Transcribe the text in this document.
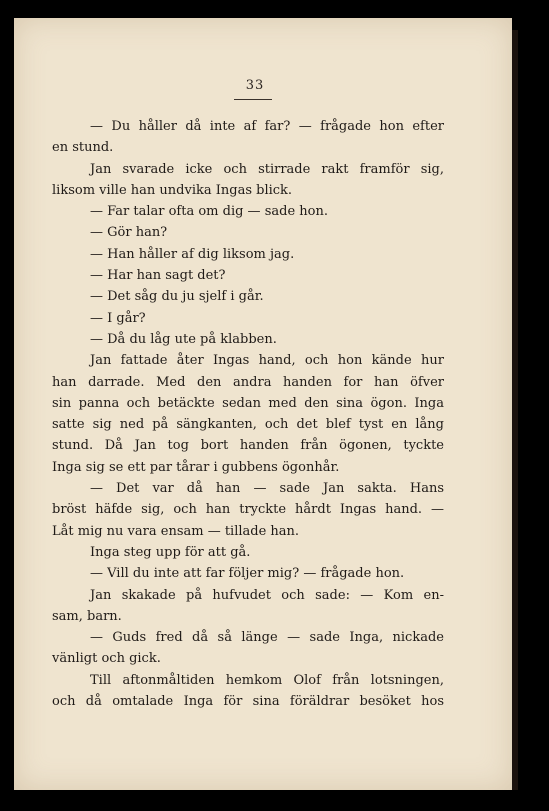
33
— Du håller då inte af far? — frågade hon efter
en stund.
Jan svarade icke och stirrade rakt framför sig,
liksom ville han undvika Ingas blick.
— Far talar ofta om dig — sade hon.
— Gör han?
— Han håller af dig liksom jag.
— Har han sagt det?
— Det såg du ju sjelf i går.
— I går?
— Då du låg ute på klabben.
Jan fattade åter Ingas hand, och hon kände hur
han darrade. Med den andra handen for han öfver
sin panna och betäckte sedan med den sina ögon. Inga
satte sig ned på sängkanten, och det blef tyst en lång
stund. Då Jan tog bort handen från ögonen, tyckte
Inga sig se ett par tårar i gubbens ögonhår.
— Det var då han — sade Jan sakta. Hans
bröst häfde sig, och han tryckte hårdt Ingas hand. —
Låt mig nu vara ensam — tillade han.
Inga steg upp för att gå.
— Vill du inte att far följer mig? — frågade hon.
Jan skakade på hufvudet och sade: — Kom en-
sam, barn.
— Guds fred då så länge — sade Inga, nickade
vänligt och gick.
Till aftonmåltiden hemkom Olof från lotsningen,
och då omtalade Inga för sina föräldrar besöket hos
